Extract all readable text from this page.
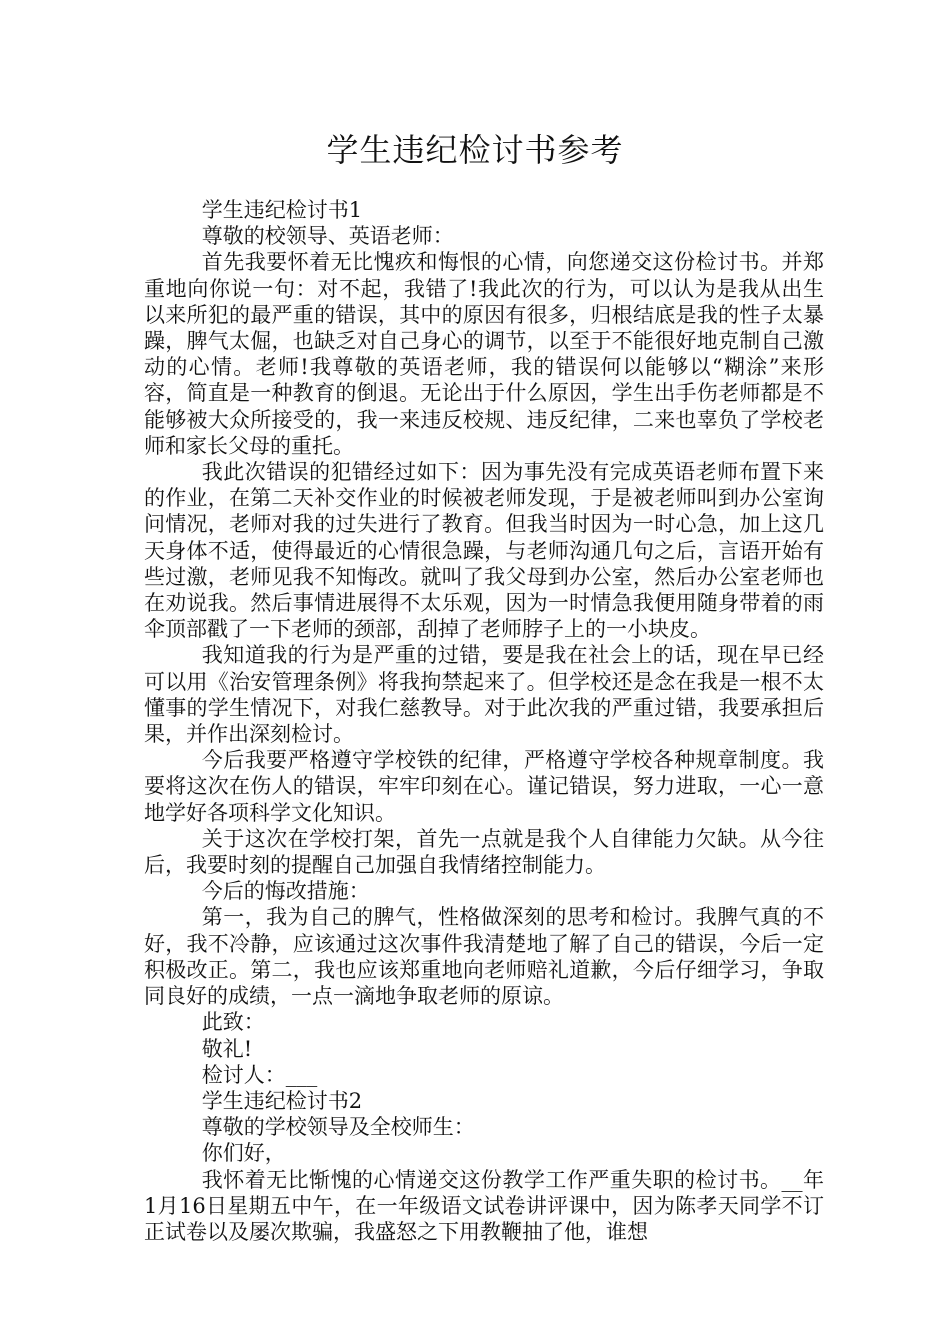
学生违纪检讨书参考

学生违纪检讨书1

尊敬的校领导、英语老师：

首先我要怀着无比愧疚和悔恨的心情，向您递交这份检讨书。并郑重地向你说一句：对不起，我错了!我此次的行为，可以认为是我从出生以来所犯的最严重的错误，其中的原因有很多，归根结底是我的性子太暴躁，脾气太倔，也缺乏对自己身心的调节，以至于不能很好地克制自己激动的心情。老师!我尊敬的英语老师，我的错误何以能够以“糊涂”来形容，简直是一种教育的倒退。无论出于什么原因，学生出手伤老师都是不能够被大众所接受的，我一来违反校规、违反纪律，二来也辜负了学校老师和家长父母的重托。

我此次错误的犯错经过如下：因为事先没有完成英语老师布置下来的作业，在第二天补交作业的时候被老师发现，于是被老师叫到办公室询问情况，老师对我的过失进行了教育。但我当时因为一时心急，加上这几天身体不适，使得最近的心情很急躁，与老师沟通几句之后，言语开始有些过激，老师见我不知悔改。就叫了我父母到办公室，然后办公室老师也在劝说我。然后事情进展得不太乐观，因为一时情急我便用随身带着的雨伞顶部戳了一下老师的颈部，刮掉了老师脖子上的一小块皮。

我知道我的行为是严重的过错，要是我在社会上的话，现在早已经可以用《治安管理条例》将我拘禁起来了。但学校还是念在我是一根不太懂事的学生情况下，对我仁慈教导。对于此次我的严重过错，我要承担后果，并作出深刻检讨。

今后我要严格遵守学校铁的纪律，严格遵守学校各种规章制度。我要将这次在伤人的错误，牢牢印刻在心。谨记错误，努力进取，一心一意地学好各项科学文化知识。

关于这次在学校打架，首先一点就是我个人自律能力欠缺。从今往后，我要时刻的提醒自己加强自我情绪控制能力。

今后的悔改措施：

第一，我为自己的脾气，性格做深刻的思考和检讨。我脾气真的不好，我不冷静，应该通过这次事件我清楚地了解了自己的错误，今后一定积极改正。第二，我也应该郑重地向老师赔礼道歉，今后仔细学习，争取同良好的成绩，一点一滴地争取老师的原谅。

此致：

敬礼!

检讨人：___

学生违纪检讨书2

尊敬的学校领导及全校师生：

你们好，

我怀着无比惭愧的心情递交这份教学工作严重失职的检讨书。__年1月16日星期五中午，在一年级语文试卷讲评课中，因为陈孝天同学不订正试卷以及屡次欺骗，我盛怒之下用教鞭抽了他，谁想
